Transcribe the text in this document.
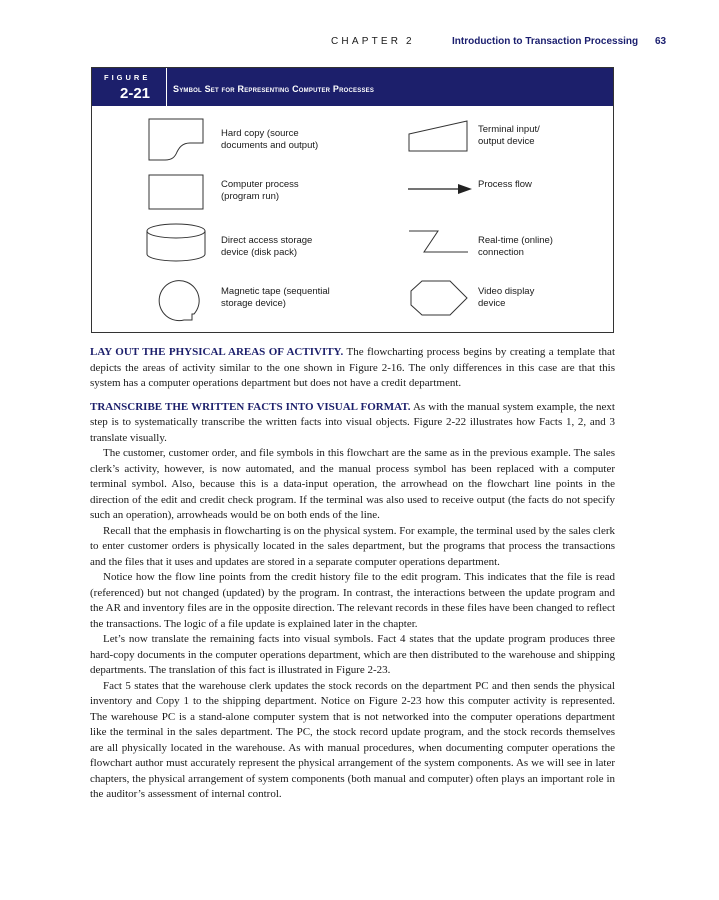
CHAPTER 2	Introduction to Transaction Processing 63
FIGURE
2-21	Symbol Set for Representing Computer Processes
Hard copy (source
documents and output)
Terminal input/
output device
Computer process
(program run)
Process flow
Direct access storage
device (disk pack)
Real-time (online)
connection
Magnetic tape (sequential
storage device)
Video display
device

LAY OUT THE PHYSICAL AREAS OF ACTIVITY. The flowcharting process begins by creating a template that depicts the areas of activity similar to the one shown in Figure 2-16. The only differences in this case are that this system has a computer operations department but does not have a credit department.

TRANSCRIBE THE WRITTEN FACTS INTO VISUAL FORMAT. As with the manual system example, the next step is to systematically transcribe the written facts into visual objects. Figure 2-22 illustrates how Facts 1, 2, and 3 translate visually.

The customer, customer order, and file symbols in this flowchart are the same as in the previous example. The sales clerk’s activity, however, is now automated, and the manual process symbol has been replaced with a computer terminal symbol. Also, because this is a data-input operation, the arrowhead on the flowchart line points in the direction of the edit and credit check program. If the terminal was also used to receive output (the facts do not specify such an operation), arrowheads would be on both ends of the line.

Recall that the emphasis in flowcharting is on the physical system. For example, the terminal used by the sales clerk to enter customer orders is physically located in the sales department, but the programs that process the transactions and the files that it uses and updates are stored in a separate computer operations department.

Notice how the flow line points from the credit history file to the edit program. This indicates that the file is read (referenced) but not changed (updated) by the program. In contrast, the interactions between the update program and the AR and inventory files are in the opposite direction. The relevant records in these files have been changed to reflect the transactions. The logic of a file update is explained later in the chapter.

Let’s now translate the remaining facts into visual symbols. Fact 4 states that the update program produces three hard-copy documents in the computer operations department, which are then distributed to the warehouse and shipping departments. The translation of this fact is illustrated in Figure 2-23.

Fact 5 states that the warehouse clerk updates the stock records on the department PC and then sends the physical inventory and Copy 1 to the shipping department. Notice on Figure 2-23 how this computer activity is represented. The warehouse PC is a stand-alone computer system that is not networked into the computer operations department like the terminal in the sales department. The PC, the stock record update program, and the stock records themselves are all physically located in the warehouse. As with manual procedures, when documenting computer operations the flowchart author must accurately represent the physical arrangement of the system components. As we will see in later chapters, the physical arrangement of system components (both manual and computer) often plays an important role in the auditor’s assessment of internal control.
